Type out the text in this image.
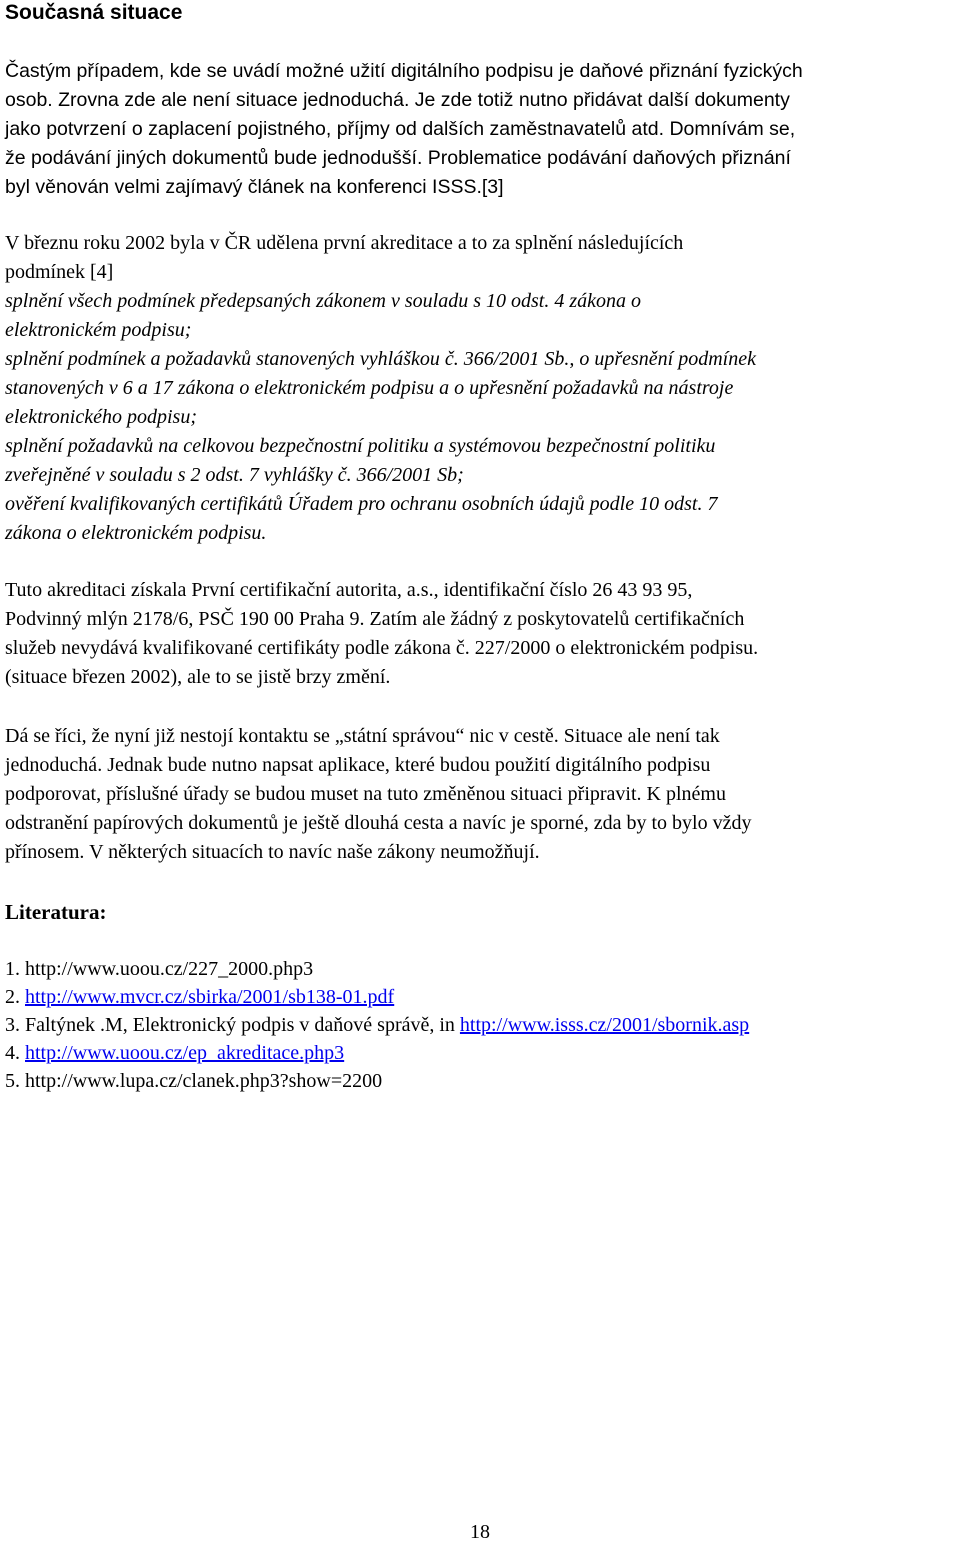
Současná situace
Častým případem, kde se uvádí možné užití digitálního podpisu je daňové přiznání fyzických
osob. Zrovna zde ale není situace jednoduchá. Je zde totiž nutno přidávat další dokumenty
jako potvrzení o zaplacení pojistného, příjmy od dalších zaměstnavatelů atd. Domnívám se,
že podávání jiných dokumentů bude jednodušší. Problematice podávání daňových přiznání
byl věnován velmi zajímavý článek na konferenci ISSS.[3]
V březnu roku 2002 byla v ČR udělena první akreditace a to za splnění následujících
podmínek [4]
splnění všech podmínek předepsaných zákonem v souladu s 10 odst. 4 zákona o
elektronickém podpisu;
splnění podmínek a požadavků stanovených vyhláškou č. 366/2001 Sb., o upřesnění podmínek
stanovených v 6 a 17 zákona o elektronickém podpisu a o upřesnění požadavků na nástroje
elektronického podpisu;
splnění požadavků na celkovou bezpečnostní politiku a systémovou bezpečnostní politiku
zveřejněné v souladu s 2 odst. 7 vyhlášky č. 366/2001 Sb;
ověření kvalifikovaných certifikátů Úřadem pro ochranu osobních údajů podle 10 odst. 7
zákona o elektronickém podpisu.
Tuto akreditaci získala První certifikační autorita, a.s., identifikační číslo 26 43 93 95,
Podvinný mlýn 2178/6, PSČ 190 00 Praha 9. Zatím ale žádný z poskytovatelů certifikačních
služeb nevydává kvalifikované certifikáty podle zákona č. 227/2000 o elektronickém podpisu.
(situace březen 2002), ale to se jistě brzy změní.
Dá se říci, že nyní již nestojí kontaktu se „státní správou“ nic v cestě. Situace ale není tak
jednoduchá. Jednak bude nutno napsat aplikace, které budou použití digitálního podpisu
podporovat, příslušné úřady se budou muset na tuto změněnou situaci připravit. K plnému
odstranění papírových dokumentů je ještě dlouhá cesta a navíc je sporné, zda by to bylo vždy
přínosem. V některých situacích to navíc naše zákony neumožňují.
Literatura:
1. http://www.uoou.cz/227_2000.php3
2. http://www.mvcr.cz/sbirka/2001/sb138-01.pdf
3. Faltýnek .M, Elektronický podpis v daňové správě, in http://www.isss.cz/2001/sbornik.asp
4. http://www.uoou.cz/ep_akreditace.php3
5. http://www.lupa.cz/clanek.php3?show=2200
18
